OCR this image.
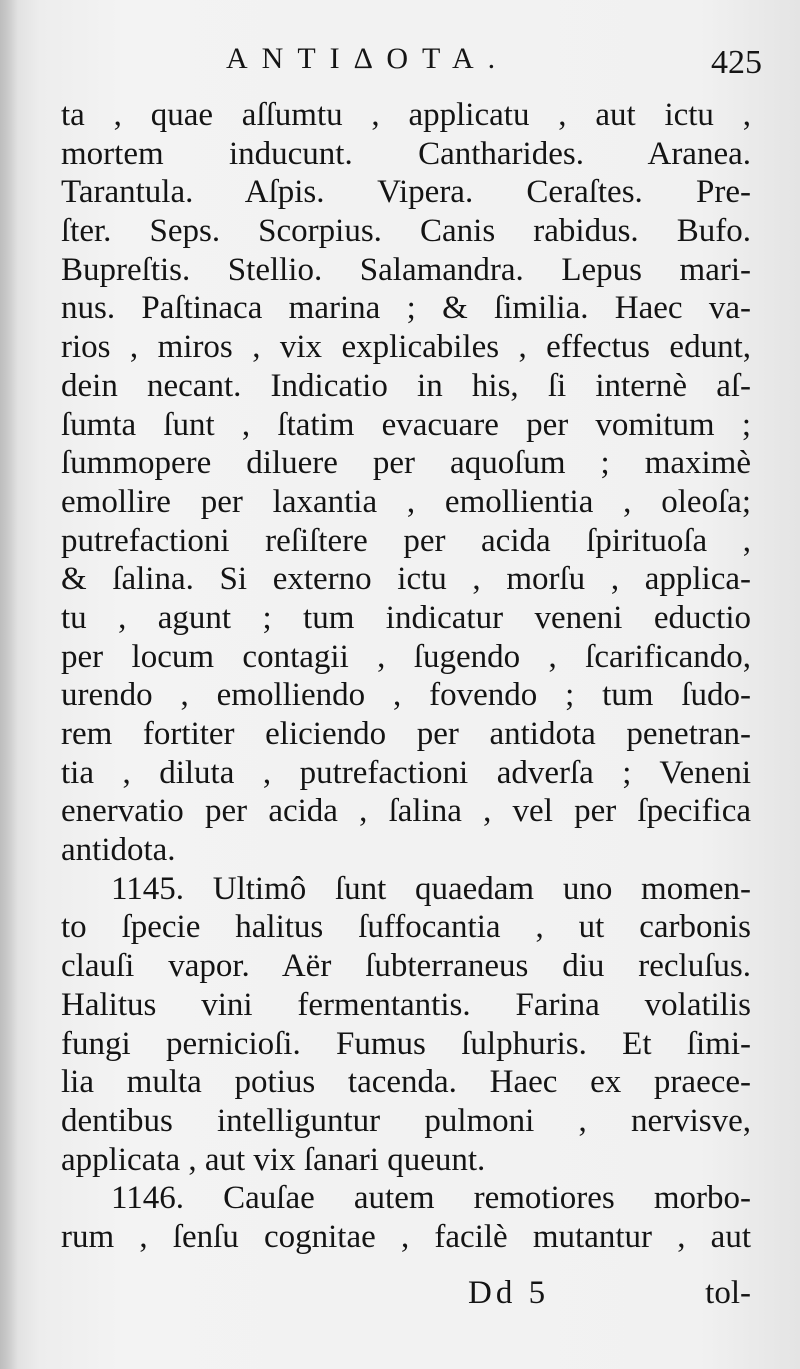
ΑΝΤΙΔΟΤΑ.	425
ta , quae aſſumtu , applicatu , aut ictu ,
mortem inducunt. Cantharides. Aranea.
Tarantula. Aſpis. Vipera. Ceraſtes. Pre-
ſter. Seps. Scorpius. Canis rabidus. Bufo.
Bupreſtis. Stellio. Salamandra. Lepus mari-
nus. Paſtinaca marina ; & ſimilia. Haec va-
rios , miros , vix explicabiles , effectus edunt,
dein necant. Indicatio in his, ſi internè aſ-
ſumta ſunt , ſtatim evacuare per vomitum ;
ſummopere diluere per aquoſum ; maximè
emollire per laxantia , emollientia , oleoſa;
putrefactioni reſiſtere per acida ſpirituoſa ,
& ſalina. Si externo ictu , morſu , applica-
tu , agunt ; tum indicatur veneni eductio
per locum contagii , ſugendo , ſcarificando,
urendo , emolliendo , fovendo ; tum ſudo-
rem fortiter eliciendo per antidota penetran-
tia , diluta , putrefactioni adverſa ; Veneni
enervatio per acida , ſalina , vel per ſpecifica
antidota.
1145. Ultimô ſunt quaedam uno momen-
to ſpecie halitus ſuffocantia , ut carbonis
clauſi vapor. Aër ſubterraneus diu recluſus.
Halitus vini fermentantis. Farina volatilis
fungi pernicioſi. Fumus ſulphuris. Et ſimi-
lia multa potius tacenda. Haec ex praece-
dentibus intelliguntur pulmoni , nervisve,
applicata , aut vix ſanari queunt.
1146. Cauſae autem remotiores morbo-
rum , ſenſu cognitae , facilè mutantur , aut
Dd 5	tol-
